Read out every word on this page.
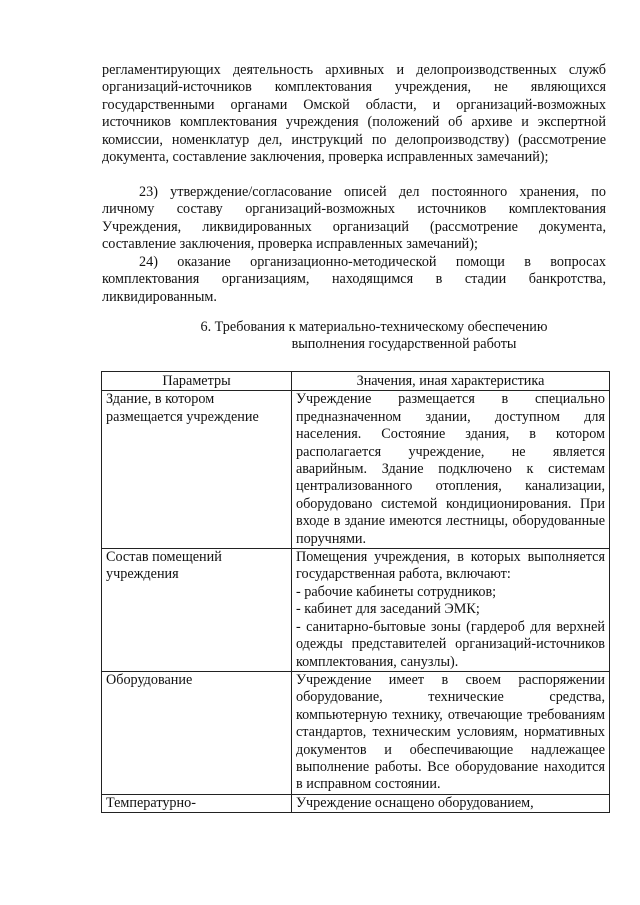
регламентирующих деятельность архивных и делопроизводственных служб организаций-источников комплектования учреждения, не являющихся государственными органами Омской области, и организаций-возможных источников комплектования учреждения (положений об архиве и экспертной комиссии, номенклатур дел, инструкций по делопроизводству) (рассмотрение документа, составление заключения, проверка исправленных замечаний);

23) утверждение/согласование описей дел постоянного хранения, по личному составу организаций-возможных источников комплектования Учреждения, ликвидированных организаций (рассмотрение документа, составление заключения, проверка исправленных замечаний);

24) оказание организационно-методической помощи в вопросах комплектования организациям, находящимся в стадии банкротства, ликвидированным.

6. Требования к материально-техническому обеспечению
выполнения государственной работы
Параметры	Значения, иная характеристика
Здание, в котором размещается учреждение	Учреждение размещается в специально предназначенном здании, доступном для населения. Состояние здания, в котором располагается учреждение, не является аварийным. Здание подключено к системам централизованного отопления, канализации, оборудовано системой кондиционирования. При входе в здание имеются лестницы, оборудованные поручнями.
Состав помещений учреждения	Помещения учреждения, в которых выполняется государственная работа, включают:
- рабочие кабинеты сотрудников;
- кабинет для заседаний ЭМК;
- санитарно-бытовые зоны (гардероб для верхней одежды представителей организаций-источников комплектования, санузлы).

Оборудование	Учреждение имеет в своем распоряжении оборудование, технические средства, компьютерную технику, отвечающие требованиям стандартов, техническим условиям, нормативных документов и обеспечивающие надлежащее выполнение работы. Все оборудование находится в исправном состоянии.
Температурно-	Учреждение оснащено оборудованием,
